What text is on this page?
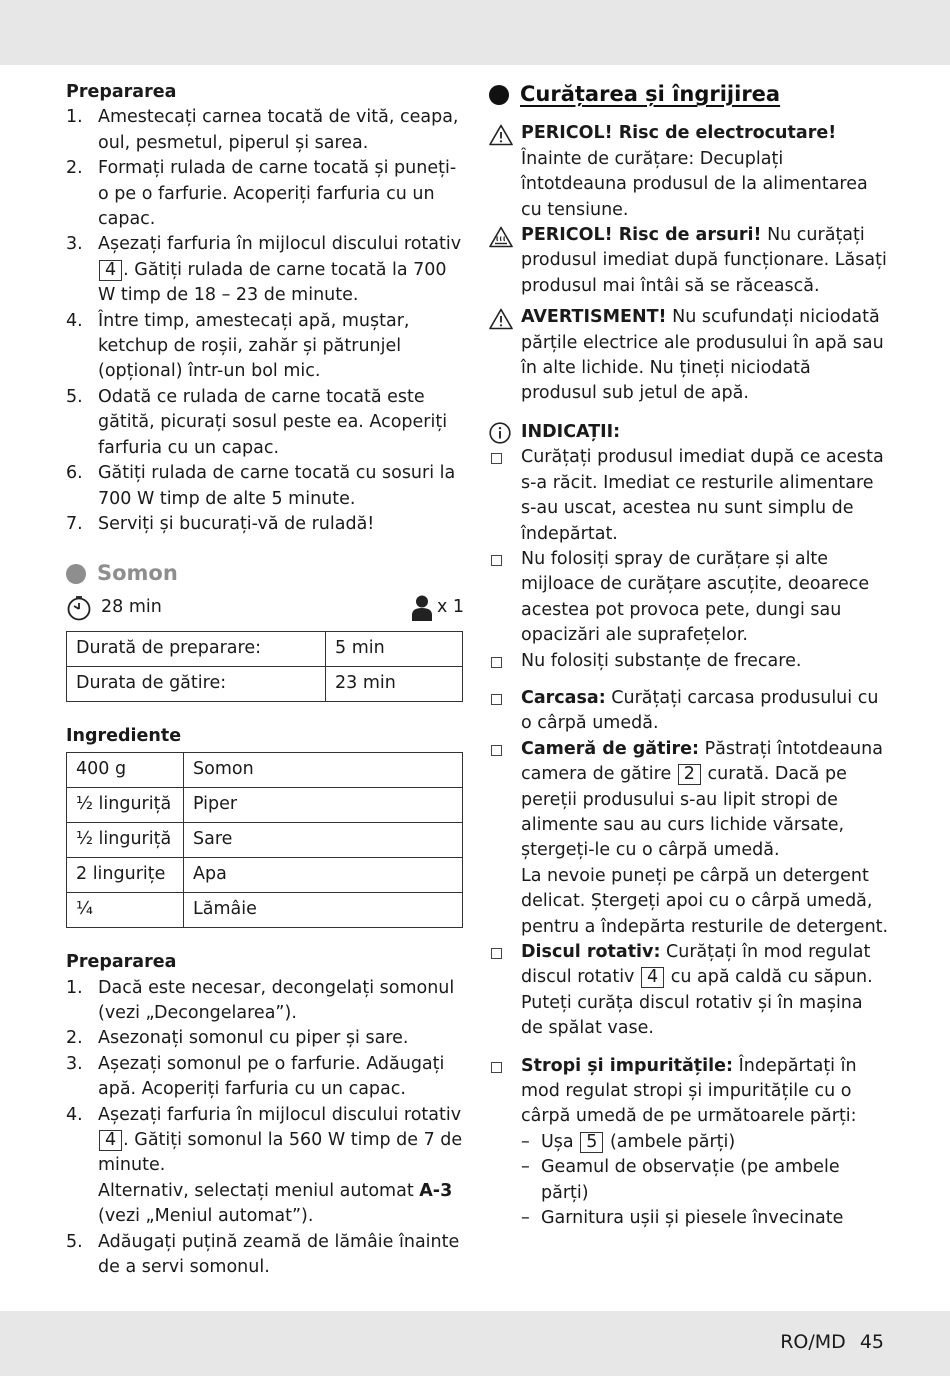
Prepararea
1. Amestecați carnea tocată de vită, ceapa, oul, pesmetul, piperul și sarea.
2. Formați rulada de carne tocată și puneți-o pe o farfurie. Acoperiți farfuria cu un capac.
3. Așezați farfuria în mijlocul discului rotativ 4 . Gătiți rulada de carne tocată la 700 W timp de 18 – 23 de minute.
4. Între timp, amestecați apă, muștar, ketchup de roșii, zahăr și pătrunjel (opțional) într-un bol mic.
5. Odată ce rulada de carne tocată este gătită, picurați sosul peste ea. Acoperiți farfuria cu un capac.
6. Gătiți rulada de carne tocată cu sosuri la 700 W timp de alte 5 minute.
7. Serviți și bucurați-vă de ruladă!
Somon
28 min	x 1
Durată de preparare:	5 min
Durata de gătire:	23 min
Ingrediente
400 g	Somon
½ linguriță	Piper
½ linguriță	Sare
2 lingurițe	Apa
¼	Lămâie
Prepararea
1. Dacă este necesar, decongelați somonul (vezi „Decongelarea”).
2. Asezonați somonul cu piper și sare.
3. Așezați somonul pe o farfurie. Adăugați apă. Acoperiți farfuria cu un capac.
4. Așezați farfuria în mijlocul discului rotativ 4 . Gătiți somonul la 560 W timp de 7 de minute.
Alternativ, selectați meniul automat A-3 (vezi „Meniul automat”).
5. Adăugați puțină zeamă de lămâie înainte de a servi somonul.
Curățarea și îngrijirea
PERICOL! Risc de electrocutare! Înainte de curățare: Decuplați întotdeauna produsul de la alimentarea cu tensiune.
PERICOL! Risc de arsuri! Nu curățați produsul imediat după funcționare. Lăsați produsul mai întâi să se răcească.
AVERTISMENT! Nu scufundați niciodată părțile electrice ale produsului în apă sau în alte lichide. Nu țineți niciodată produsul sub jetul de apă.
INDICAȚII:
Curățați produsul imediat după ce acesta s-a răcit. Imediat ce resturile alimentare s-au uscat, acestea nu sunt simplu de îndepărtat.
Nu folosiți spray de curățare și alte mijloace de curățare ascuțite, deoarece acestea pot provoca pete, dungi sau opacizări ale suprafețelor.
Nu folosiți substanțe de frecare.
Carcasa: Curățați carcasa produsului cu o cârpă umedă.
Cameră de gătire: Păstrați întotdeauna camera de gătire 2 curată. Dacă pe pereții produsului s-au lipit stropi de alimente sau au curs lichide vărsate, ștergeți-le cu o cârpă umedă.
La nevoie puneți pe cârpă un detergent delicat. Ștergeți apoi cu o cârpă umedă, pentru a îndepărta resturile de detergent.
Discul rotativ: Curățați în mod regulat discul rotativ 4 cu apă caldă cu săpun. Puteți curăța discul rotativ și în mașina de spălat vase.
Stropi și impuritățile: Îndepărtați în mod regulat stropi și impuritățile cu o cârpă umedă de pe următoarele părți:
– Ușa 5 (ambele părți)
– Geamul de observație (pe ambele părți)
– Garnitura ușii și piesele învecinate
RO/MD 45
